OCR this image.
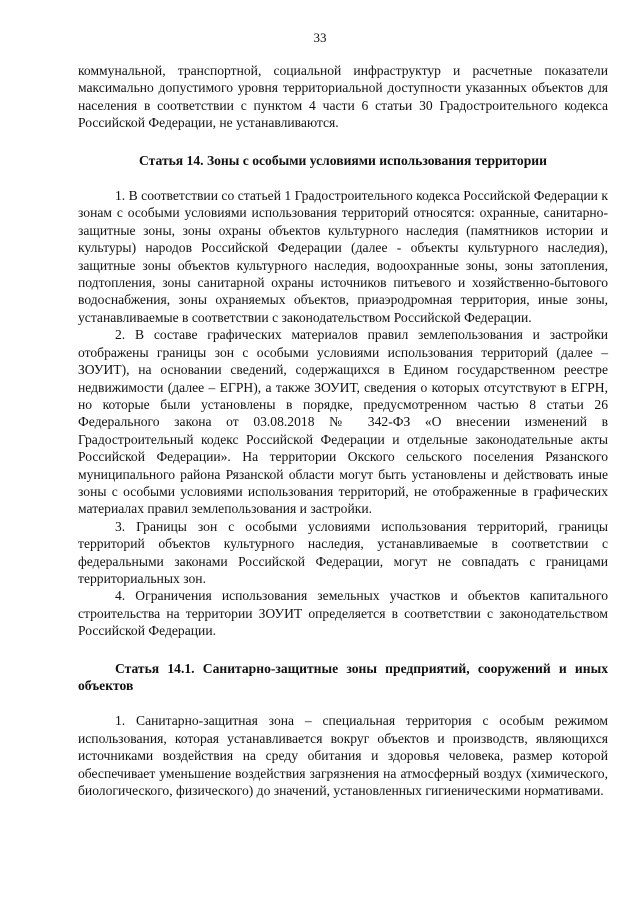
33

коммунальной, транспортной, социальной инфраструктур и расчетные показатели максимально допустимого уровня территориальной доступности указанных объектов для населения в соответствии с пунктом 4 части 6 статьи 30 Градостроительного кодекса Российской Федерации, не устанавливаются.

Статья 14. Зоны с особыми условиями использования территории

1. В соответствии со статьей 1 Градостроительного кодекса Российской Федерации к зонам с особыми условиями использования территорий относятся: охранные, санитарно-защитные зоны, зоны охраны объектов культурного наследия (памятников истории и культуры) народов Российской Федерации (далее - объекты культурного наследия), защитные зоны объектов культурного наследия, водоохранные зоны, зоны затопления, подтопления, зоны санитарной охраны источников питьевого и хозяйственно-бытового водоснабжения, зоны охраняемых объектов, приаэродромная территория, иные зоны, устанавливаемые в соответствии с законодательством Российской Федерации.

2. В составе графических материалов правил землепользования и застройки отображены границы зон с особыми условиями использования территорий (далее – ЗОУИТ), на основании сведений, содержащихся в Едином государственном реестре недвижимости (далее – ЕГРН), а также ЗОУИТ, сведения о которых отсутствуют в ЕГРН, но которые были установлены в порядке, предусмотренном частью 8 статьи 26 Федерального закона от 03.08.2018 № 342-ФЗ «О внесении изменений в Градостроительный кодекс Российской Федерации и отдельные законодательные акты Российской Федерации». На территории Окского сельского поселения Рязанского муниципального района Рязанской области могут быть установлены и действовать иные зоны с особыми условиями использования территорий, не отображенные в графических материалах правил землепользования и застройки.

3. Границы зон с особыми условиями использования территорий, границы территорий объектов культурного наследия, устанавливаемые в соответствии с федеральными законами Российской Федерации, могут не совпадать с границами территориальных зон.

4. Ограничения использования земельных участков и объектов капитального строительства на территории ЗОУИТ определяется в соответствии с законодательством Российской Федерации.

Статья 14.1. Санитарно-защитные зоны предприятий, сооружений и иных объектов

1. Санитарно-защитная зона – специальная территория с особым режимом использования, которая устанавливается вокруг объектов и производств, являющихся источниками воздействия на среду обитания и здоровья человека, размер которой обеспечивает уменьшение воздействия загрязнения на атмосферный воздух (химического, биологического, физического) до значений, установленных гигиеническими нормативами.
